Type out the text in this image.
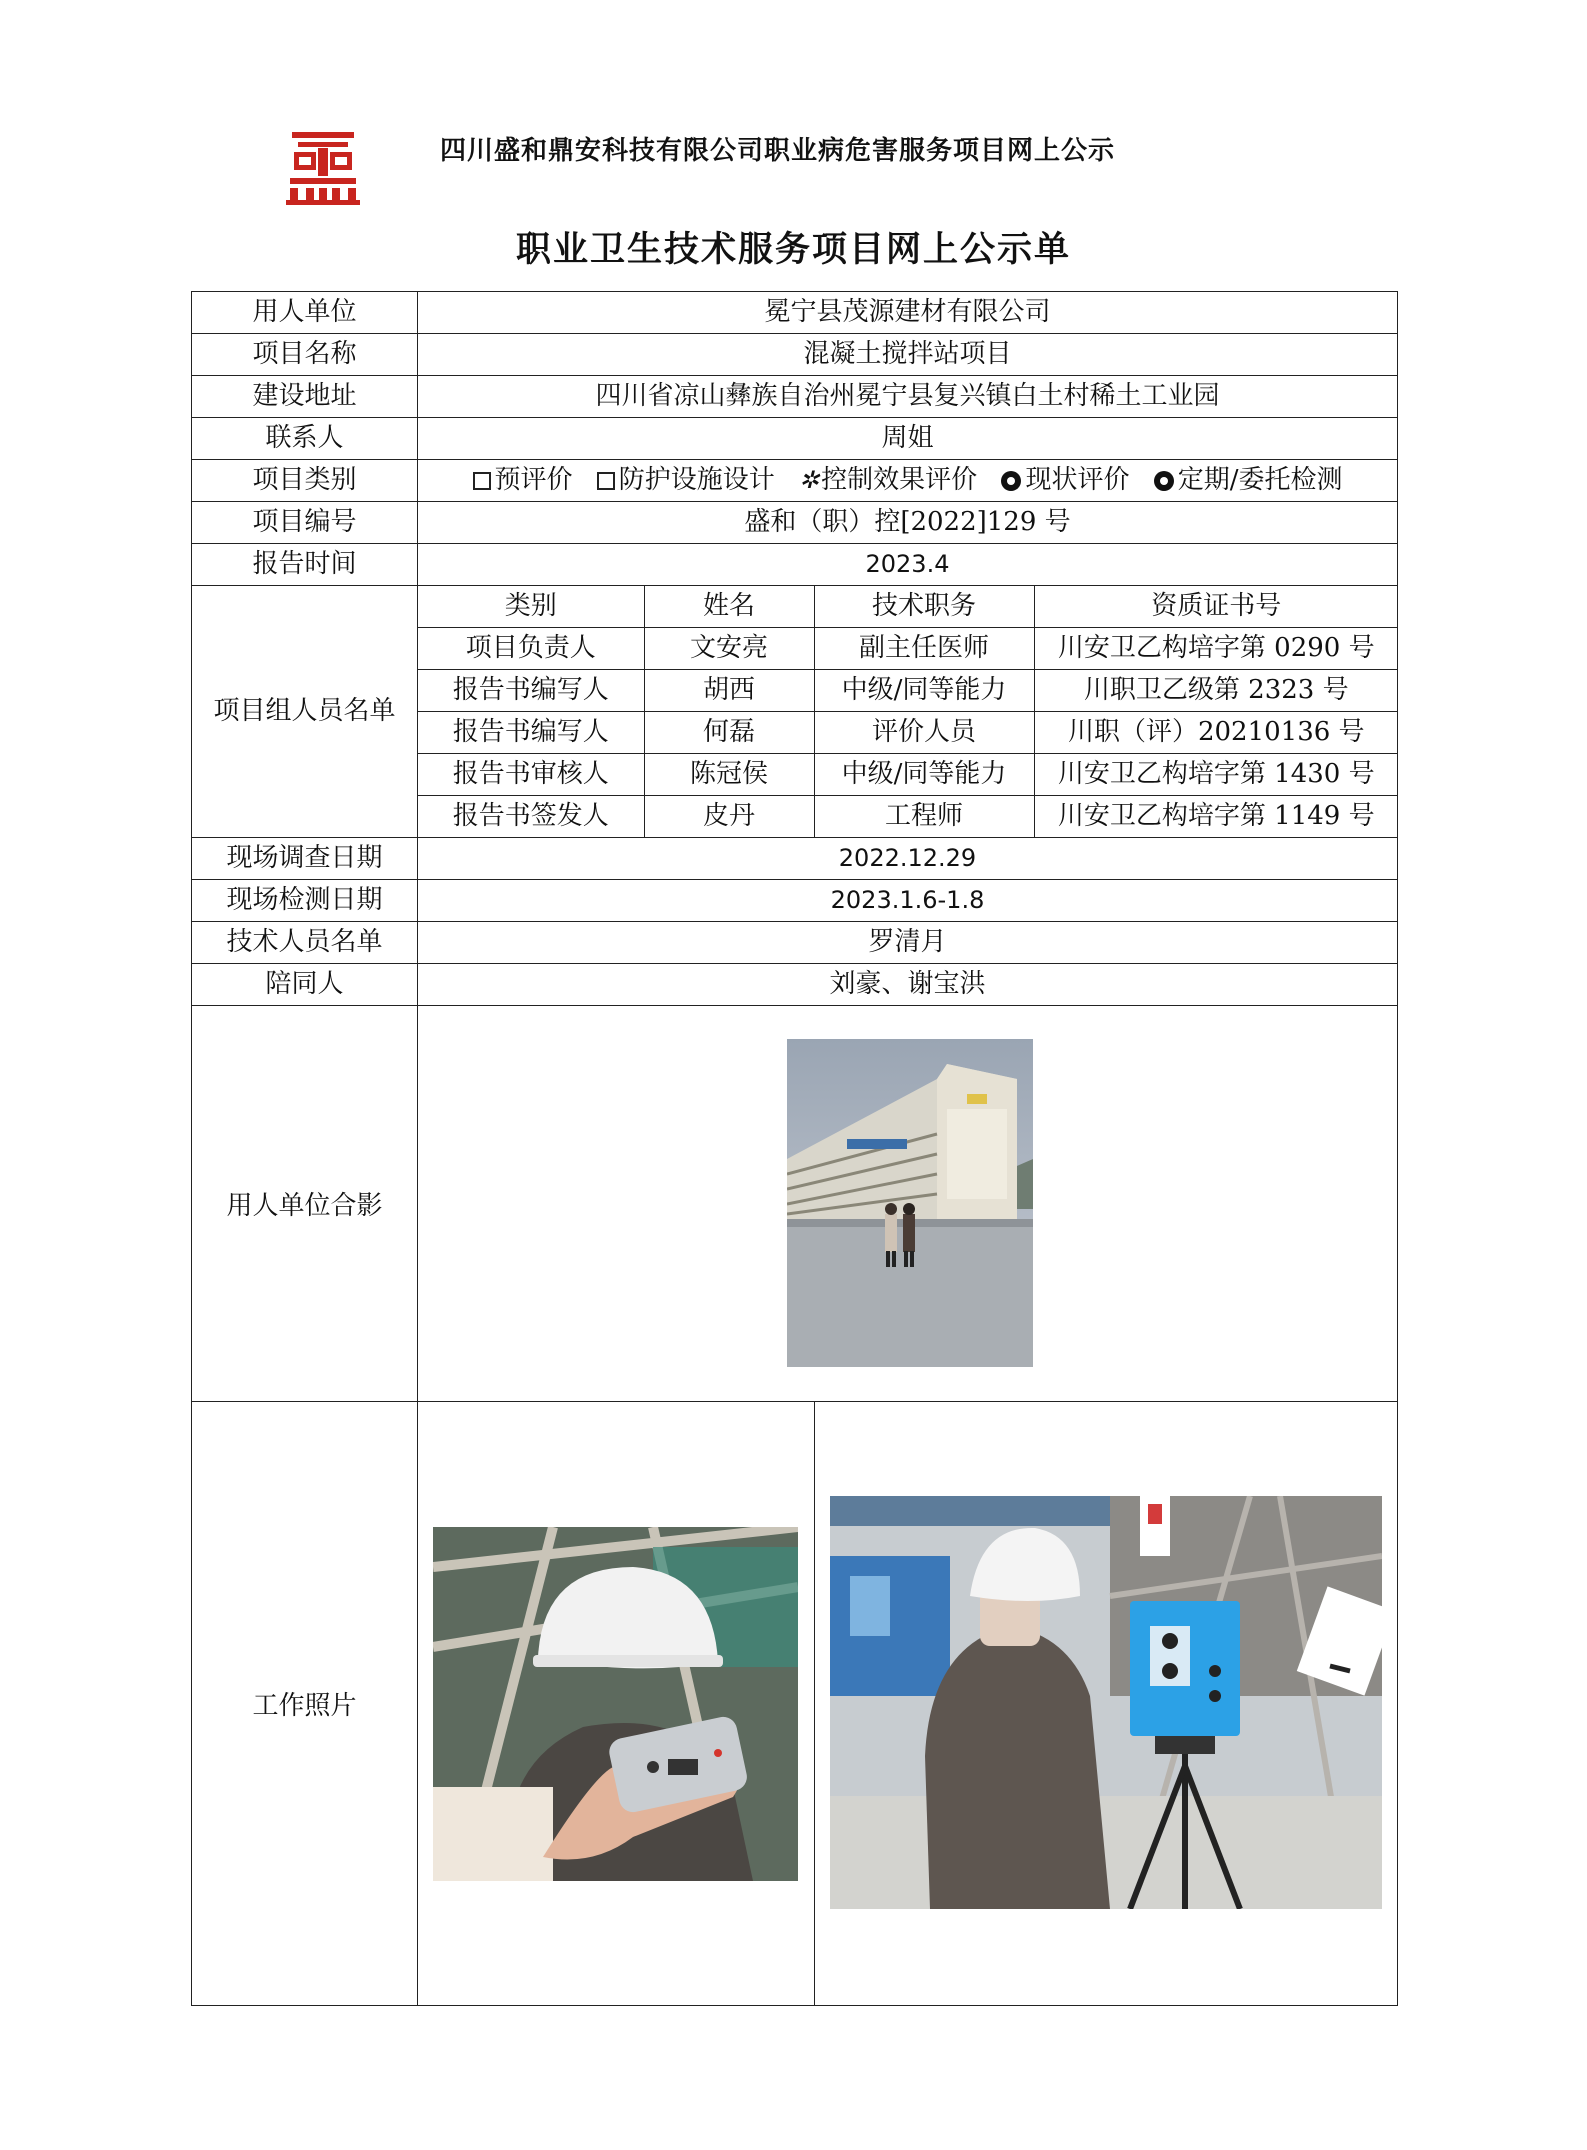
四川盛和鼎安科技有限公司职业病危害服务项目网上公示
职业卫生技术服务项目网上公示单
用人单位	冕宁县茂源建材有限公司
项目名称	混凝土搅拌站项目
建设地址	四川省凉山彝族自治州冕宁县复兴镇白土村稀土工业园
联系人	周姐
项目类别	预评价 防护设施设计 ✲控制效果评价 现状评价 定期/委托检测
项目编号	盛和（职）控[2022]129 号
报告时间	2023.4
项目组人员名单	
类别	姓名	技术职务	资质证书号
项目负责人	文安亮	副主任医师	川安卫乙构培字第 0290 号
报告书编写人	胡西	中级/同等能力	川职卫乙级第 2323 号
报告书编写人	何磊	评价人员	川职（评）20210136 号
报告书审核人	陈冠侯	中级/同等能力	川安卫乙构培字第 1430 号
报告书签发人	皮丹	工程师	川安卫乙构培字第 1149 号

现场调查日期	2022.12.29
现场检测日期	2023.1.6-1.8
技术人员名单	罗清月
陪同人	刘豪、谢宝洪
用人单位合影	

工作照片	
